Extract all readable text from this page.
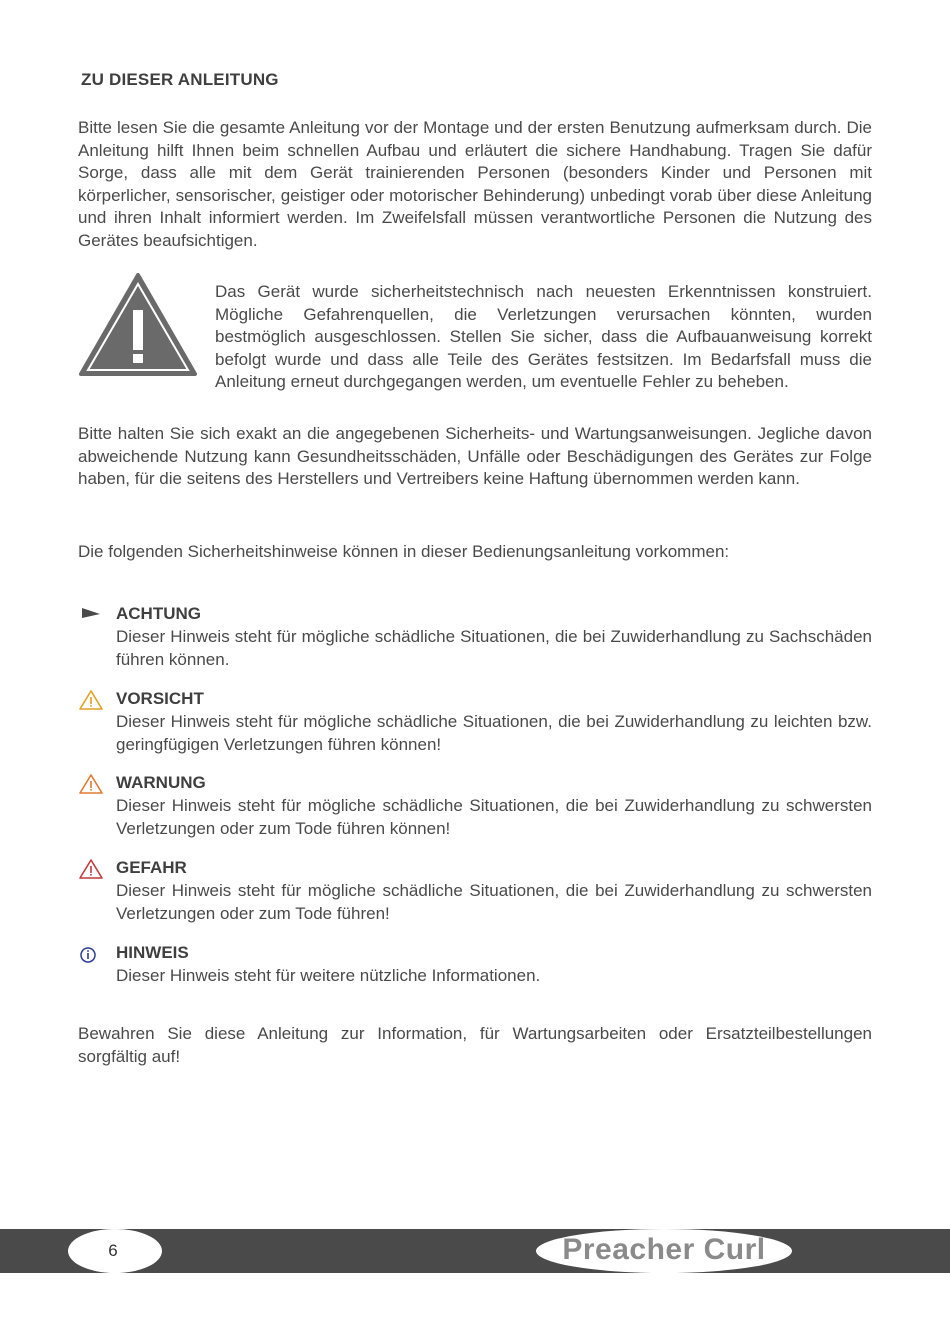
ZU DIESER ANLEITUNG

Bitte lesen Sie die gesamte Anleitung vor der Montage und der ersten Benutzung aufmerksam durch. Die Anleitung hilft Ihnen beim schnellen Aufbau und erläutert die sichere Handhabung. Tragen Sie dafür Sorge, dass alle mit dem Gerät trainierenden Personen (besonders Kinder und Personen mit körperlicher, sensorischer, geistiger oder motorischer Behinderung) unbedingt vorab über diese Anleitung und ihren Inhalt informiert werden. Im Zweifelsfall müssen verantwortliche Personen die Nutzung des Gerätes beaufsichtigen.

Das Gerät wurde sicherheitstechnisch nach neuesten Erkenntnissen konstruiert. Mögliche Gefahrenquellen, die Verletzungen verursachen könnten, wurden bestmöglich ausgeschlossen. Stellen Sie sicher, dass die Aufbauanweisung korrekt befolgt wurde und dass alle Teile des Gerätes festsitzen. Im Bedarfsfall muss die Anleitung erneut durchgegangen werden, um eventuelle Fehler zu beheben.

Bitte halten Sie sich exakt an die angegebenen Sicherheits- und Wartungsanweisungen. Jegliche davon abweichende Nutzung kann Gesundheitsschäden, Unfälle oder Beschädigungen des Gerätes zur Folge haben, für die seitens des Herstellers und Vertreibers keine Haftung übernommen werden kann.

Die folgenden Sicherheitshinweise können in dieser Bedienungsanleitung vorkommen:

ACHTUNG

Dieser Hinweis steht für mögliche schädliche Situationen, die bei Zuwiderhandlung zu Sachschäden führen können.

VORSICHT

Dieser Hinweis steht für mögliche schädliche Situationen, die bei Zuwiderhandlung zu leichten bzw. geringfügigen Verletzungen führen können!

WARNUNG

Dieser Hinweis steht für mögliche schädliche Situationen, die bei Zuwiderhandlung zu schwersten Verletzungen oder zum Tode führen können!

GEFAHR

Dieser Hinweis steht für mögliche schädliche Situationen, die bei Zuwiderhandlung zu schwersten Verletzungen oder zum Tode führen!

HINWEIS

Dieser Hinweis steht für weitere nützliche Informationen.

Bewahren Sie diese Anleitung zur Information, für Wartungsarbeiten oder Ersatzteilbestellungen sorgfältig auf!

6	Preacher Curl
